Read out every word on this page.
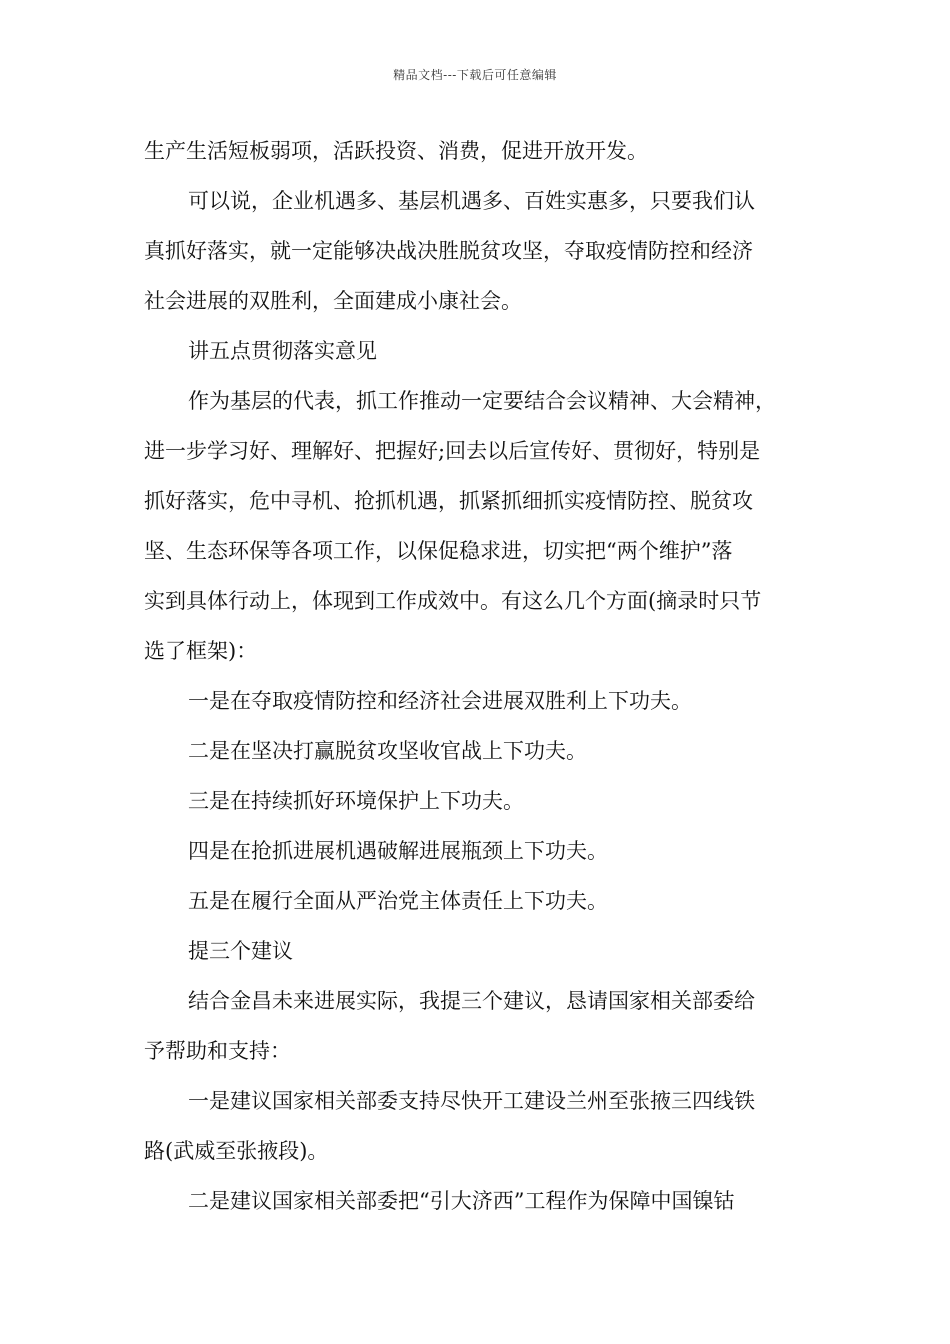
精品文档---下载后可任意编辑
生产生活短板弱项，活跃投资、消费，促进开放开发。
可以说，企业机遇多、基层机遇多、百姓实惠多，只要我们认
真抓好落实，就一定能够决战决胜脱贫攻坚，夺取疫情防控和经济
社会进展的双胜利，全面建成小康社会。
讲五点贯彻落实意见
作为基层的代表，抓工作推动一定要结合会议精神、大会精神，
进一步学习好、理解好、把握好;回去以后宣传好、贯彻好，特别是
抓好落实，危中寻机、抢抓机遇，抓紧抓细抓实疫情防控、脱贫攻
坚、生态环保等各项工作，以保促稳求进，切实把“两个维护”落
实到具体行动上，体现到工作成效中。有这么几个方面(摘录时只节
选了框架)：
一是在夺取疫情防控和经济社会进展双胜利上下功夫。
二是在坚决打赢脱贫攻坚收官战上下功夫。
三是在持续抓好环境保护上下功夫。
四是在抢抓进展机遇破解进展瓶颈上下功夫。
五是在履行全面从严治党主体责任上下功夫。
提三个建议
结合金昌未来进展实际，我提三个建议，恳请国家相关部委给
予帮助和支持：
一是建议国家相关部委支持尽快开工建设兰州至张掖三四线铁
路(武威至张掖段)。
二是建议国家相关部委把“引大济西”工程作为保障中国镍钴
